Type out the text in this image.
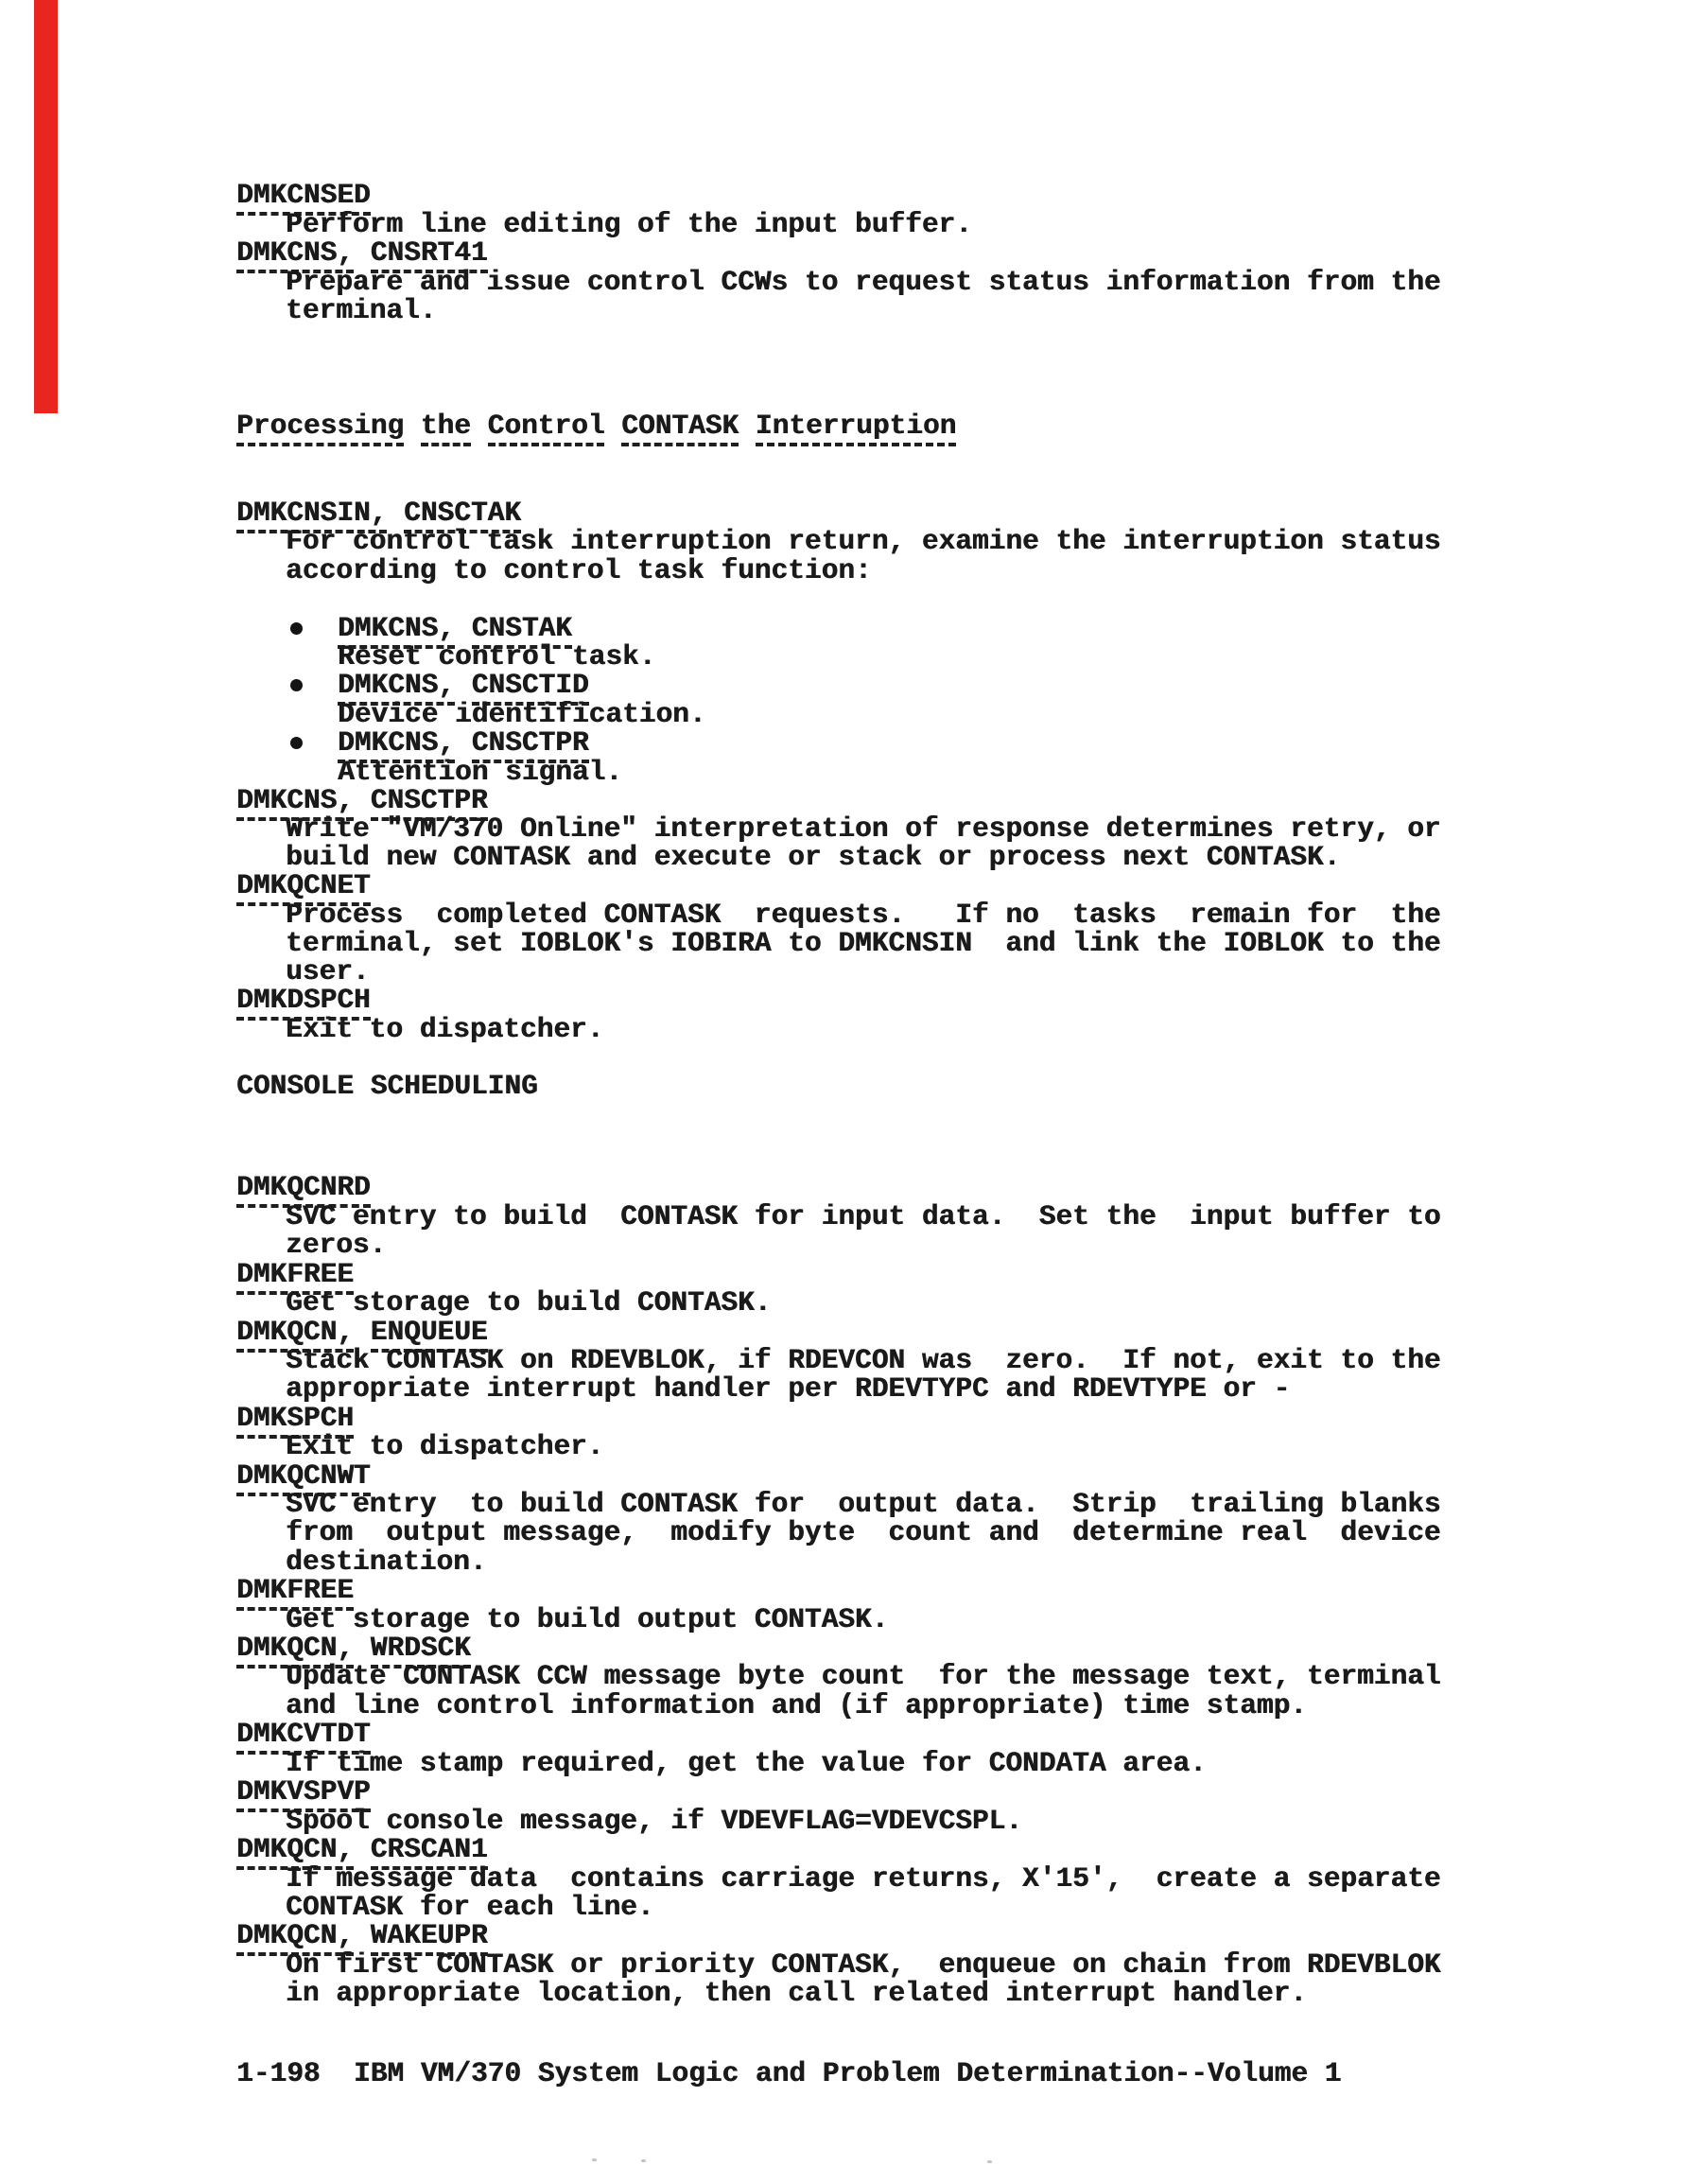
DMKCNSED
Perform line editing of the input buffer.
DMKCNS, CNSRT41
Prepare and issue control CCWs to request status information from the
terminal.
Processing the Control CONTASK Interruption
DMKCNSIN, CNSCTAK
For control task interruption return, examine the interruption status
according to control task function:
DMKCNS, CNSTAK
Reset control task.
DMKCNS, CNSCTID
Device identification.
DMKCNS, CNSCTPR
Attention signal.
DMKCNS, CNSCTPR
Write "VM/370 Online" interpretation of response determines retry, or
build new CONTASK and execute or stack or process next CONTASK.
DMKQCNET
Process  completed CONTASK  requests.   If no  tasks  remain for  the
terminal, set IOBLOK's IOBIRA to DMKCNSIN  and link the IOBLOK to the
user.
DMKDSPCH
Exit to dispatcher.
CONSOLE SCHEDULING
DMKQCNRD
SVC entry to build  CONTASK for input data.  Set the  input buffer to
zeros.
DMKFREE
Get storage to build CONTASK.
DMKQCN, ENQUEUE
Stack CONTASK on RDEVBLOK, if RDEVCON was  zero.  If not, exit to the
appropriate interrupt handler per RDEVTYPC and RDEVTYPE or -
DMKSPCH
Exit to dispatcher.
DMKQCNWT
SVC entry  to build CONTASK for  output data.  Strip  trailing blanks
from  output message,  modify byte  count and  determine real  device
destination.
DMKFREE
Get storage to build output CONTASK.
DMKQCN, WRDSCK
Update CONTASK CCW message byte count  for the message text, terminal
and line control information and (if appropriate) time stamp.
DMKCVTDT
If time stamp required, get the value for CONDATA area.
DMKVSPVP
Spool console message, if VDEVFLAG=VDEVCSPL.
DMKQCN, CRSCAN1
If message data  contains carriage returns, X'15',  create a separate
CONTASK for each line.
DMKQCN, WAKEUPR
On first CONTASK or priority CONTASK,  enqueue on chain from RDEVBLOK
in appropriate location, then call related interrupt handler.
1-198  IBM VM/370 System Logic and Problem Determination--Volume 1
